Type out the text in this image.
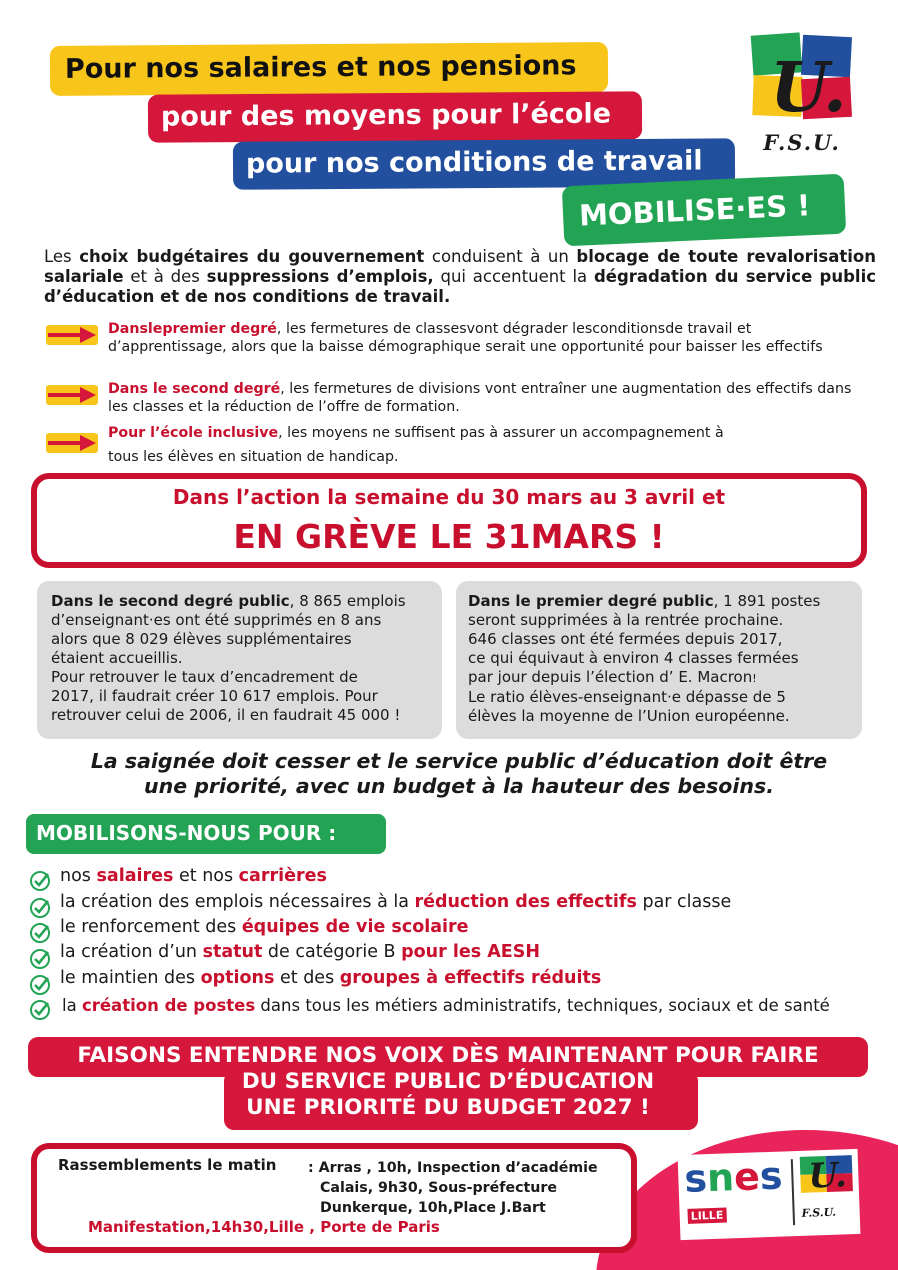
Pour nos salaires et nos pensions
pour des moyens pour l’école
pour nos conditions de travail
MOBILISE·ES !
U.
F.S.U.

Les choix budgétaires du gouvernement conduisent à un blocage de toute revalorisation salariale et à des suppressions d’emplois, qui accentuent la dégradation du service public d’éducation et de nos conditions de travail.

Danslepremier degré, les fermetures de classesvont dégrader lesconditionsde travail et d’apprentissage, alors que la baisse démographique serait une opportunité pour baisser les effectifs
Dans le second degré, les fermetures de divisions vont entraîner une augmentation des effectifs dans les classes et la réduction de l’offre de formation.
Pour l’école inclusive, les moyens ne suffisent pas à assurer un accompagnement à
tous les élèves en situation de handicap.
Dans l’action la semaine du 30 mars au 3 avril et
EN GRÈVE LE 31MARS !
Dans le second degré public, 8 865 emplois
d’enseignant·es ont été supprimés en 8 ans
alors que 8 029 élèves supplémentaires
étaient accueillis.
Pour retrouver le taux d’encadrement de
2017, il faudrait créer 10 617 emplois. Pour
retrouver celui de 2006, il en faudrait 45 000 !
Dans le premier degré public, 1 891 postes
seront supprimées à la rentrée prochaine.
646 classes ont été fermées depuis 2017,
ce qui équivaut à environ 4 classes fermées
par jour depuis l’élection d’ E. Macron!
Le ratio élèves-enseignant·e dépasse de 5
élèves la moyenne de l’Union européenne.
La saignée doit cesser et le service public d’éducation doit être
une priorité, avec un budget à la hauteur des besoins.
MOBILISONS-NOUS POUR :
nos salaires et nos carrières
la création des emplois nécessaires à la réduction des effectifs par classe
le renforcement des équipes de vie scolaire
la création d’un statut de catégorie B pour les AESH
le maintien des options et des groupes à effectifs réduits
la création de postes dans tous les métiers administratifs, techniques, sociaux et de santé
FAISONS ENTENDRE NOS VOIX DÈS MAINTENANT POUR FAIRE
DU SERVICE PUBLIC D’ÉDUCATION
UNE PRIORITÉ DU BUDGET 2027 !
snes
LILLE
U.
F.S.U.
Rassemblements le matin : Arras , 10h, Inspection d’académie
Calais, 9h30, Sous-préfecture
Dunkerque, 10h,Place J.Bart
Manifestation,14h30,Lille , Porte de Paris
